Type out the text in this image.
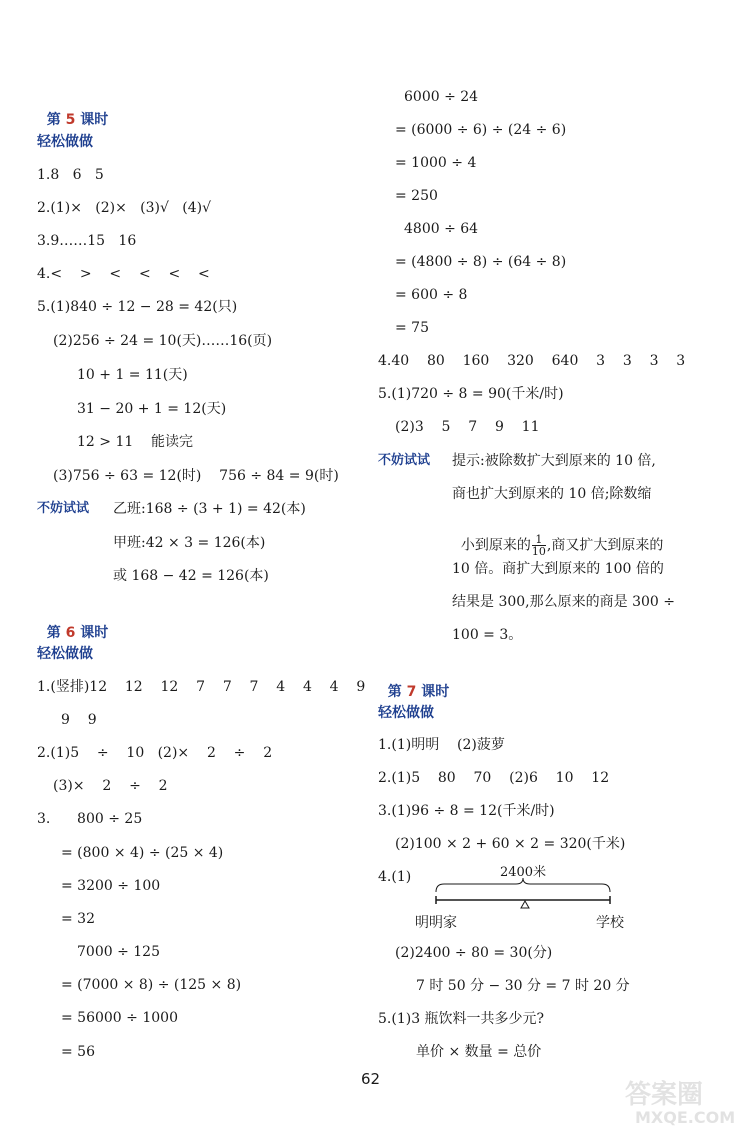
第 5 课时

轻松做做
1.8   6   5
2.(1)×   (2)×   (3)√   (4)√
3.9……15   16
4.<    >    <    <    <    <
5.(1)840 ÷ 12 − 28 = 42(只)
(2)256 ÷ 24 = 10(天)……16(页)
10 + 1 = 11(天)
31 − 20 + 1 = 12(天)
12 > 11    能读完
(3)756 ÷ 63 = 12(时)    756 ÷ 84 = 9(时)
不妨试试 乙班:168 ÷ (3 + 1) = 42(本)
甲班:42 × 3 = 126(本)
或 168 − 42 = 126(本)

第 6 课时

轻松做做
1.(竖排)12    12    12    7    7    7    4    4    4    9
9    9
2.(1)5    ÷    10   (2)×    2    ÷    2
(3)×    2    ÷    2
3.      800 ÷ 25
= (800 × 4) ÷ (25 × 4)
= 3200 ÷ 100
= 32
7000 ÷ 125
= (7000 × 8) ÷ (125 × 8)
= 56000 ÷ 1000
= 56
6000 ÷ 24
= (6000 ÷ 6) ÷ (24 ÷ 6)
= 1000 ÷ 4
= 250
4800 ÷ 64
= (4800 ÷ 8) ÷ (64 ÷ 8)
= 600 ÷ 8
= 75
4.40    80    160    320    640    3    3    3    3
5.(1)720 ÷ 8 = 90(千米/时)
(2)3    5    7    9    11
不妨试试 提示:被除数扩大到原来的 10 倍,
商也扩大到原来的 10 倍;除数缩

小到原来的 $\frac{1}{10}$ ,商又扩大到原来的

10 倍。商扩大到原来的 100 倍的
结果是 300,那么原来的商是 300 ÷
100 = 3。

第 7 课时

轻松做做
1.(1)明明    (2)菠萝
2.(1)5    80    70    (2)6    10    12
3.(1)96 ÷ 8 = 12(千米/时)
(2)100 × 2 + 60 × 2 = 320(千米)
4.(1)	2400米
明明家	学校
(2)2400 ÷ 80 = 30(分)
7 时 50 分 − 30 分 = 7 时 20 分
5.(1)3 瓶饮料一共多少元?
单价 × 数量 = 总价
62
答案圈
MXQE.COM
